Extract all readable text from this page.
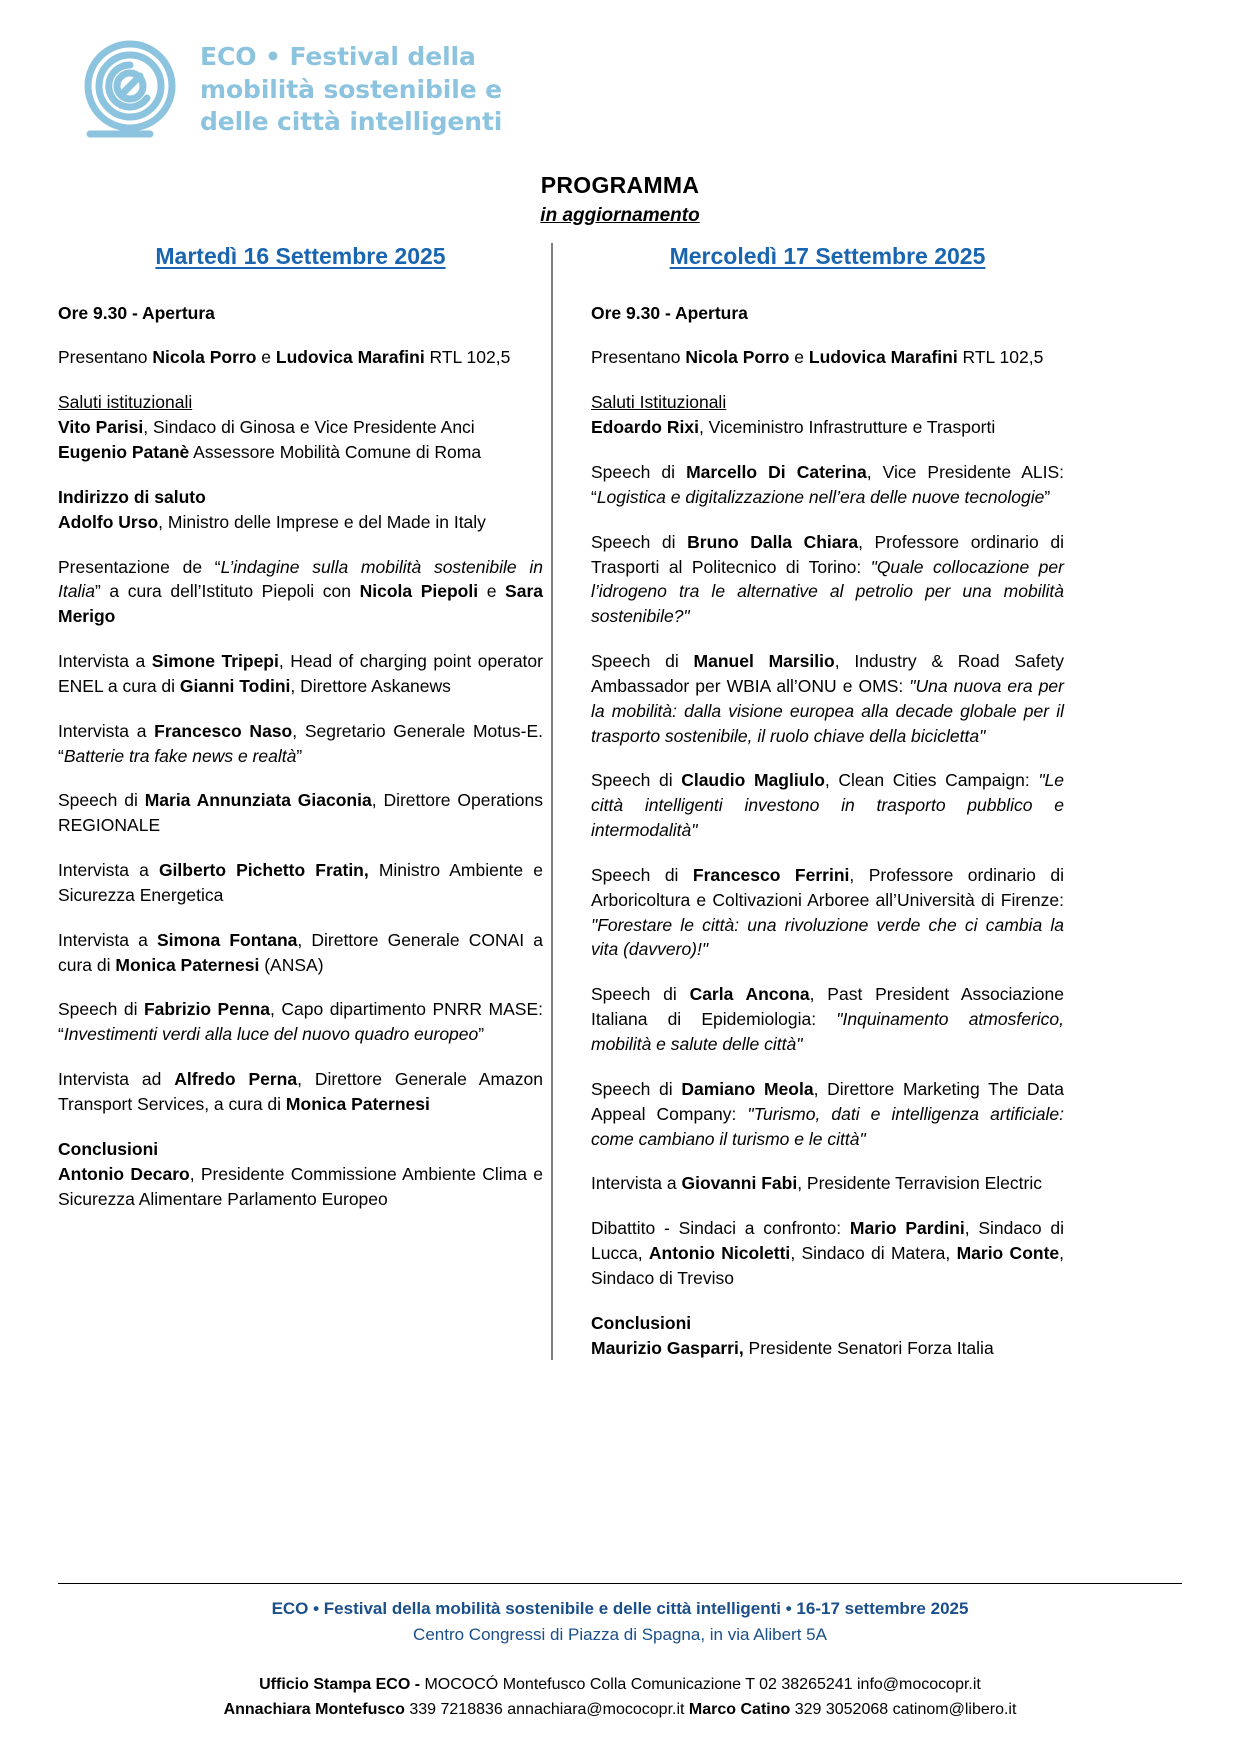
ECO • Festival della
mobilità sostenibile e
delle città intelligenti
PROGRAMMA
in aggiornamento
Martedì 16 Settembre 2025

Ore 9.30 - Apertura

Presentano Nicola Porro e Ludovica Marafini RTL 102,5

Saluti istituzionali
Vito Parisi, Sindaco di Ginosa e Vice Presidente Anci
Eugenio Patanè Assessore Mobilità Comune di Roma

Indirizzo di saluto
Adolfo Urso, Ministro delle Imprese e del Made in Italy

Presentazione de “L’indagine sulla mobilità sostenibile in Italia” a cura dell’Istituto Piepoli con Nicola Piepoli e Sara Merigo

Intervista a Simone Tripepi, Head of charging point operator ENEL a cura di Gianni Todini, Direttore Askanews

Intervista a Francesco Naso, Segretario Generale Motus-E. “Batterie tra fake news e realtà”

Speech di Maria Annunziata Giaconia, Direttore Operations REGIONALE

Intervista a Gilberto Pichetto Fratin, Ministro Ambiente e Sicurezza Energetica

Intervista a Simona Fontana, Direttore Generale CONAI a cura di Monica Paternesi (ANSA)

Speech di Fabrizio Penna, Capo dipartimento PNRR MASE: “Investimenti verdi alla luce del nuovo quadro europeo”

Intervista ad Alfredo Perna, Direttore Generale Amazon Transport Services, a cura di Monica Paternesi

Conclusioni
Antonio Decaro, Presidente Commissione Ambiente Clima e Sicurezza Alimentare Parlamento Europeo

Mercoledì 17 Settembre 2025

Ore 9.30 - Apertura

Presentano Nicola Porro e Ludovica Marafini RTL 102,5

Saluti Istituzionali
Edoardo Rixi, Viceministro Infrastrutture e Trasporti

Speech di Marcello Di Caterina, Vice Presidente ALIS: “Logistica e digitalizzazione nell’era delle nuove tecnologie”

Speech di Bruno Dalla Chiara, Professore ordinario di Trasporti al Politecnico di Torino: "Quale collocazione per l’idrogeno tra le alternative al petrolio per una mobilità sostenibile?"

Speech di Manuel Marsilio, Industry & Road Safety Ambassador per WBIA all’ONU e OMS: "Una nuova era per la mobilità: dalla visione europea alla decade globale per il trasporto sostenibile, il ruolo chiave della bicicletta"

Speech di Claudio Magliulo, Clean Cities Campaign: "Le città intelligenti investono in trasporto pubblico e intermodalità"

Speech di Francesco Ferrini, Professore ordinario di Arboricoltura e Coltivazioni Arboree all’Università di Firenze: "Forestare le città: una rivoluzione verde che ci cambia la vita (davvero)!"

Speech di Carla Ancona, Past President Associazione Italiana di Epidemiologia: "Inquinamento atmosferico, mobilità e salute delle città"

Speech di Damiano Meola, Direttore Marketing The Data Appeal Company: "Turismo, dati e intelligenza artificiale: come cambiano il turismo e le città"

Intervista a Giovanni Fabi, Presidente Terravision Electric

Dibattito - Sindaci a confronto: Mario Pardini, Sindaco di Lucca, Antonio Nicoletti, Sindaco di Matera, Mario Conte, Sindaco di Treviso

Conclusioni
Maurizio Gasparri, Presidente Senatori Forza Italia

ECO • Festival della mobilità sostenibile e delle città intelligenti • 16-17 settembre 2025
Centro Congressi di Piazza di Spagna, in via Alibert 5A
Ufficio Stampa ECO - MOCOCÓ Montefusco Colla Comunicazione T 02 38265241 info@mococopr.it
Annachiara Montefusco 339 7218836 annachiara@mococopr.it Marco Catino 329 3052068 catinom@libero.it
